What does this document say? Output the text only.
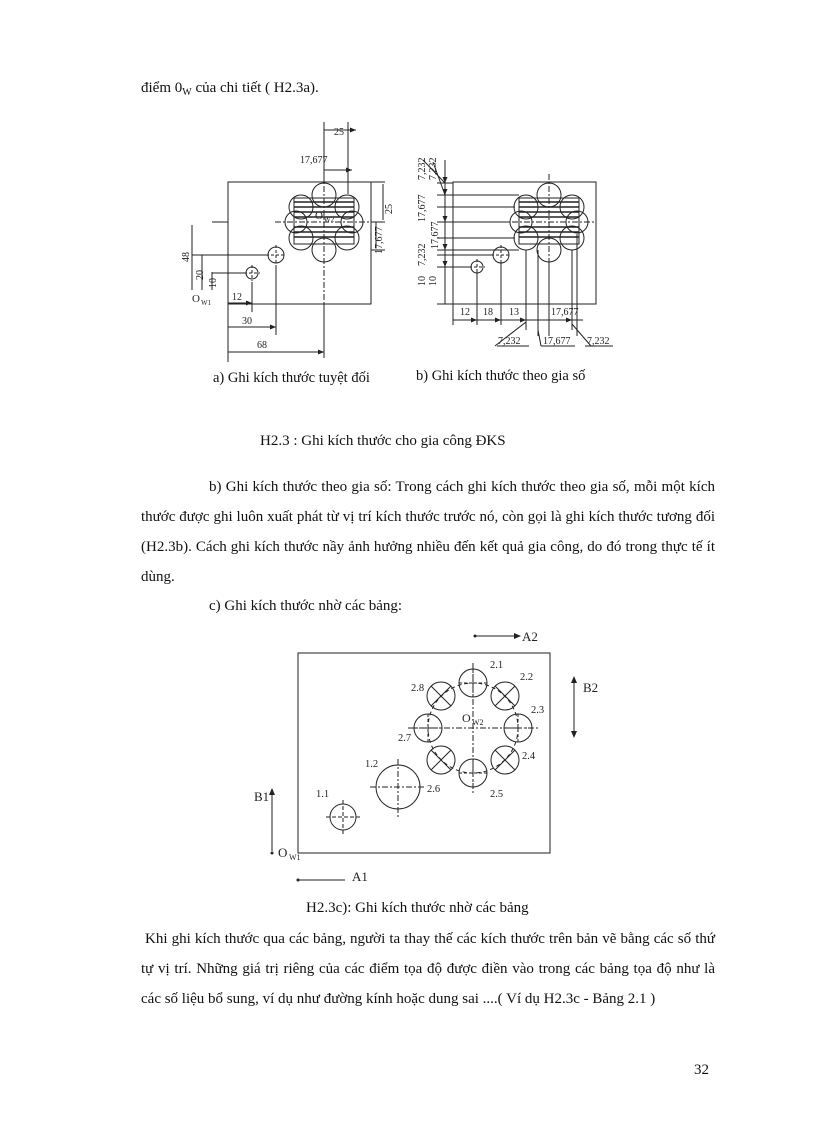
điểm $0_W$ của chi tiết ( H2.3a).
25
17,677
25
17,677
48
20
10
12
30
68
O W1
O W2
7,232 7,232
17,677
17,677
7,232
10 10
12 18 13	17,677
7,232 17,677 7,232
a) Ghi kích thước tuyệt đối	b) Ghi kích thước theo gia số
H2.3 : Ghi kích thước cho gia công ĐKS
b) Ghi kích thước theo gia số: Trong cách ghi kích thước theo gia số, mỗi một kích thước được ghi luôn xuất phát từ vị trí kích thước trước nó, còn gọi là ghi kích thước tương đối (H2.3b). Cách ghi kích thước nầy ảnh hưởng nhiều đến kết quả gia công, do đó trong thực tế ít dùng.
c) Ghi kích thước nhờ các bảng:
A2
B2
B1
A1
O W1
O W2
1.1
1.2
2.1
2.2
2.3
2.4
2.5
2.6
2.7
2.8
H2.3c): Ghi kích thước nhờ các bảng
Khi ghi kích thước qua các bảng, người ta thay thế các kích thước trên bản vẽ bằng các số thứ tự vị trí. Những giá trị riêng của các điểm tọa độ được điền vào trong các bảng tọa độ như là các số liệu bổ sung, ví dụ như đường kính hoặc dung sai ....( Ví dụ H2.3c - Bảng 2.1 )
32
